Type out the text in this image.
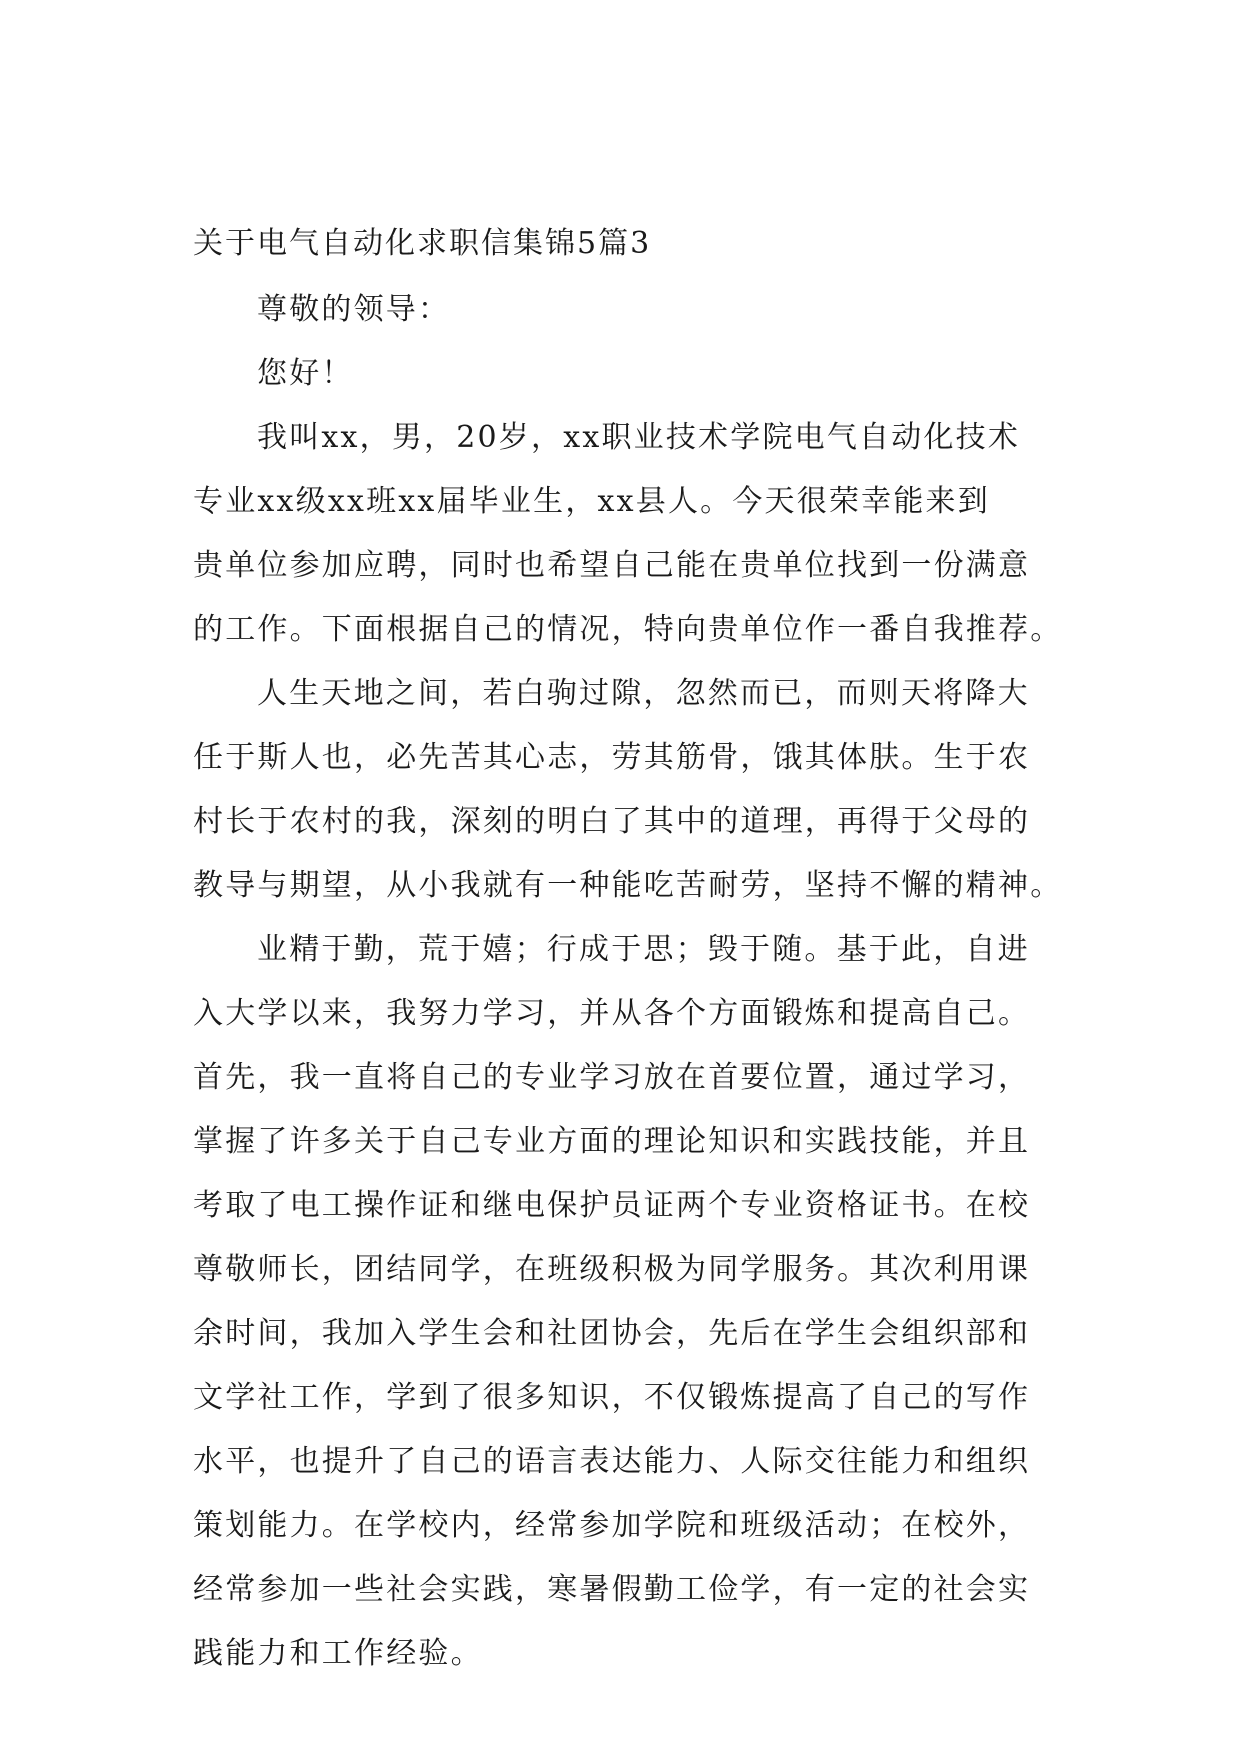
关于电气自动化求职信集锦5篇3
尊敬的领导：
您好！
我叫xx，男，20岁，xx职业技术学院电气自动化技术
专业xx级xx班xx届毕业生，xx县人。今天很荣幸能来到
贵单位参加应聘，同时也希望自己能在贵单位找到一份满意
的工作。下面根据自己的情况，特向贵单位作一番自我推荐。
人生天地之间，若白驹过隙，忽然而已，而则天将降大
任于斯人也，必先苦其心志，劳其筋骨，饿其体肤。生于农
村长于农村的我，深刻的明白了其中的道理，再得于父母的
教导与期望，从小我就有一种能吃苦耐劳，坚持不懈的精神。
业精于勤，荒于嬉；行成于思；毁于随。基于此，自进
入大学以来，我努力学习，并从各个方面锻炼和提高自己。
首先，我一直将自己的专业学习放在首要位置，通过学习，
掌握了许多关于自己专业方面的理论知识和实践技能，并且
考取了电工操作证和继电保护员证两个专业资格证书。在校
尊敬师长，团结同学，在班级积极为同学服务。其次利用课
余时间，我加入学生会和社团协会，先后在学生会组织部和
文学社工作，学到了很多知识，不仅锻炼提高了自己的写作
水平，也提升了自己的语言表达能力、人际交往能力和组织
策划能力。在学校内，经常参加学院和班级活动；在校外，
经常参加一些社会实践，寒暑假勤工俭学，有一定的社会实
践能力和工作经验。
